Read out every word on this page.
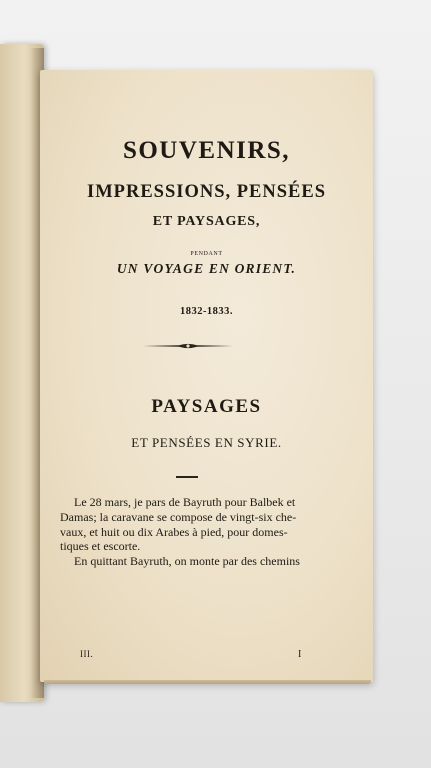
SOUVENIRS,
IMPRESSIONS, PENSÉES
ET PAYSAGES,
PENDANT
UN VOYAGE EN ORIENT.
1832-1833.
PAYSAGES
ET PENSÉES EN SYRIE.
Le 28 mars, je pars de Bayruth pour Balbek et
Damas; la caravane se compose de vingt-six che-
vaux, et huit ou dix Arabes à pied, pour domes-
tiques et escorte.
En quittant Bayruth, on monte par des chemins
III.	I
